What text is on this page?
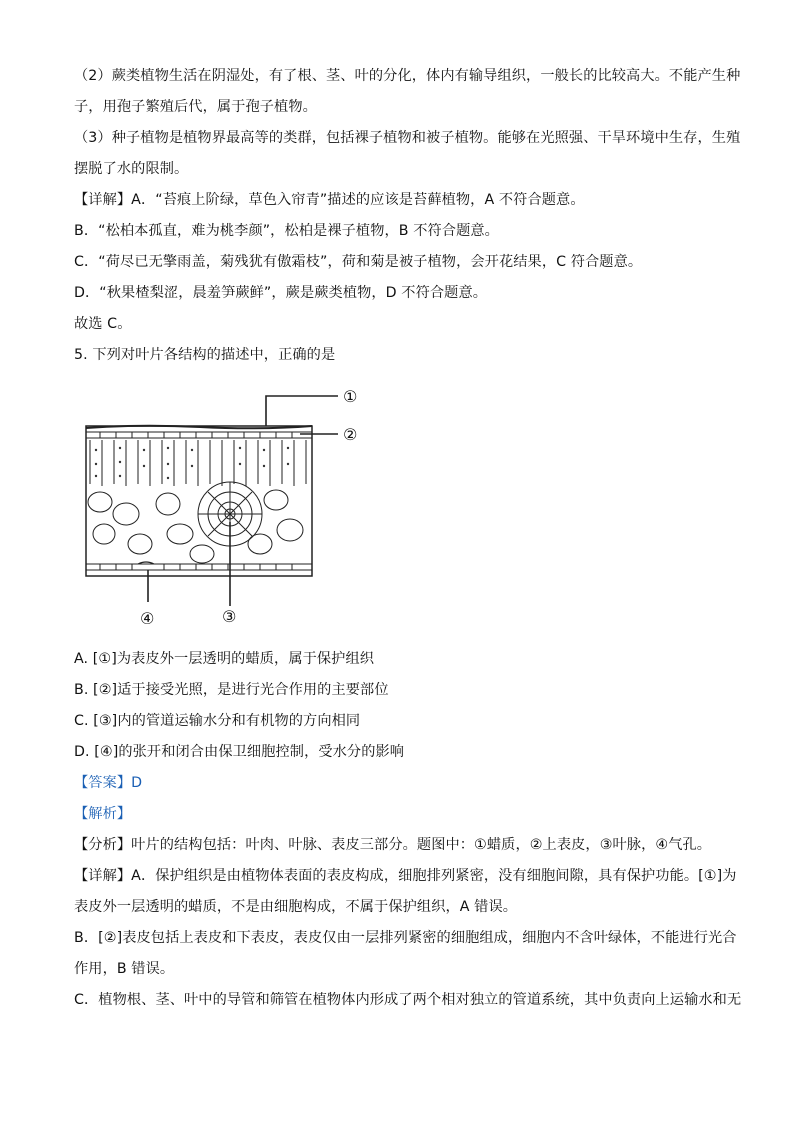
（2）蕨类植物生活在阴湿处，有了根、茎、叶的分化，体内有输导组织，一般长的比较高大。不能产生种
子，用孢子繁殖后代，属于孢子植物。
（3）种子植物是植物界最高等的类群，包括裸子植物和被子植物。能够在光照强、干旱环境中生存，生殖
摆脱了水的限制。
【详解】A．“苔痕上阶绿，草色入帘青”描述的应该是苔藓植物，A 不符合题意。
B．“松柏本孤直，难为桃李颜”，松柏是裸子植物，B 不符合题意。
C．“荷尽已无擎雨盖，菊残犹有傲霜枝”，荷和菊是被子植物，会开花结果，C 符合题意。
D．“秋果楂梨涩，晨羞笋蕨鲜”，蕨是蕨类植物，D 不符合题意。
故选 C。
5. 下列对叶片各结构的描述中，正确的是
①
②
③
④
A. [①]为表皮外一层透明的蜡质，属于保护组织
B. [②]适于接受光照，是进行光合作用的主要部位
C. [③]内的管道运输水分和有机物的方向相同
D. [④]的张开和闭合由保卫细胞控制，受水分的影响
【答案】D
【解析】
【分析】叶片的结构包括：叶肉、叶脉、表皮三部分。题图中：①蜡质，②上表皮，③叶脉，④气孔。
【详解】A．保护组织是由植物体表面的表皮构成，细胞排列紧密，没有细胞间隙，具有保护功能。[①]为
表皮外一层透明的蜡质，不是由细胞构成，不属于保护组织，A 错误。
B．[②]表皮包括上表皮和下表皮，表皮仅由一层排列紧密的细胞组成，细胞内不含叶绿体，不能进行光合
作用，B 错误。
C．植物根、茎、叶中的导管和筛管在植物体内形成了两个相对独立的管道系统，其中负责向上运输水和无
